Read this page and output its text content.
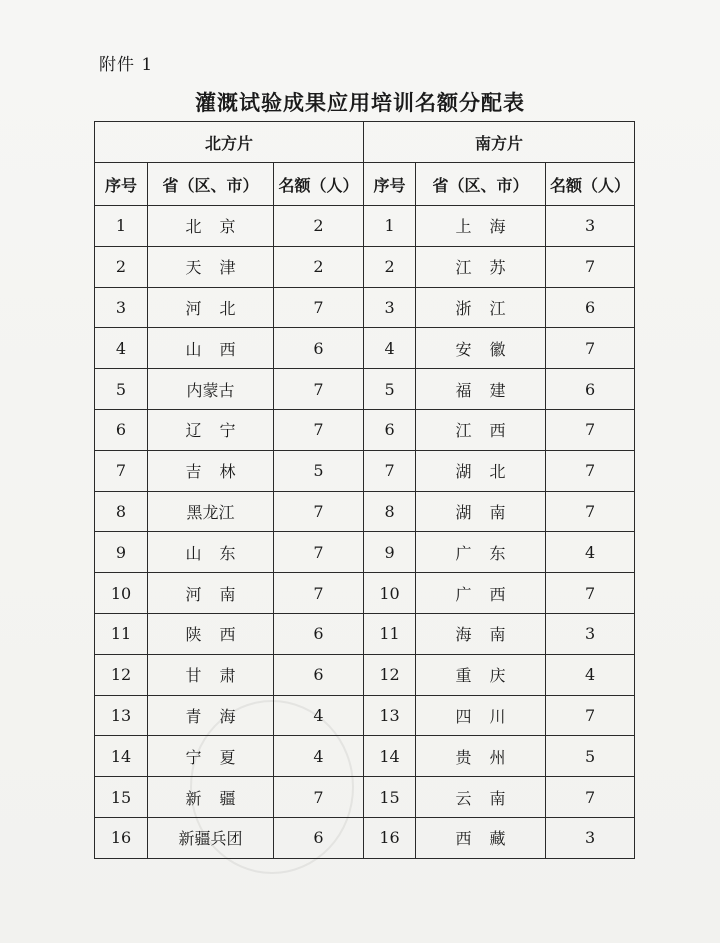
附件 1
灌溉试验成果应用培训名额分配表
北方片			南方片		
序号	省（区、市）	名额（人）	序号	省（区、市）	名额（人）
1	北京	2	1	上海	3
2	天津	2	2	江苏	7
3	河北	7	3	浙江	6
4	山西	6	4	安徽	7
5	内蒙古	7	5	福建	6
6	辽宁	7	6	江西	7
7	吉林	5	7	湖北	7
8	黑龙江	7	8	湖南	7
9	山东	7	9	广东	4
10	河南	7	10	广西	7
11	陕西	6	11	海南	3
12	甘肃	6	12	重庆	4
13	青海	4	13	四川	7
14	宁夏	4	14	贵州	5
15	新疆	7	15	云南	7
16	新疆兵团	6	16	西藏	3
